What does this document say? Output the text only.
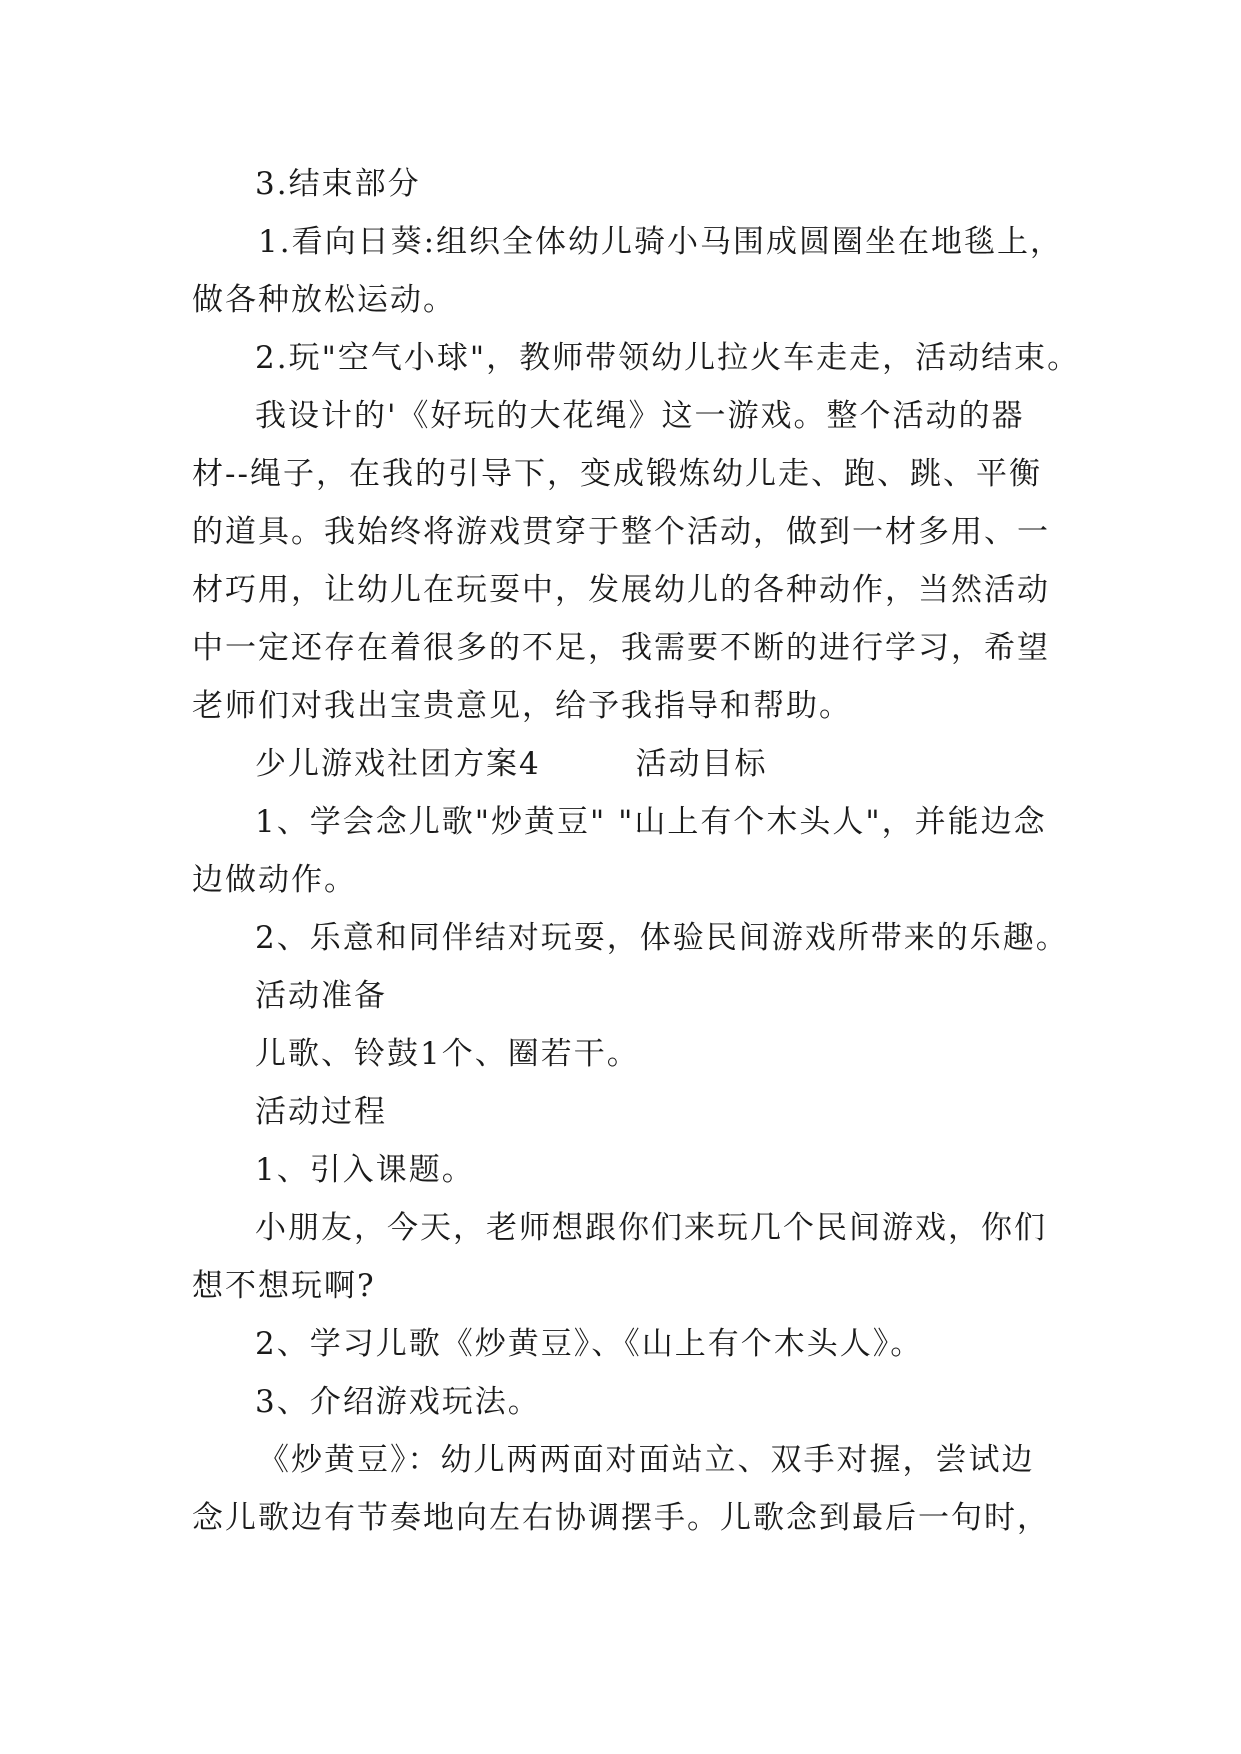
3.结束部分
1.看向日葵:组织全体幼儿骑小马围成圆圈坐在地毯上，
做各种放松运动。
2.玩"空气小球"，教师带领幼儿拉火车走走，活动结束。
我设计的'《好玩的大花绳》这一游戏。整个活动的器
材--绳子，在我的引导下，变成锻炼幼儿走、跑、跳、平衡
的道具。我始终将游戏贯穿于整个活动，做到一材多用、一
材巧用，让幼儿在玩耍中，发展幼儿的各种动作，当然活动
中一定还存在着很多的不足，我需要不断的进行学习，希望
老师们对我出宝贵意见，给予我指导和帮助。
少儿游戏社团方案4        活动目标
1、学会念儿歌"炒黄豆" "山上有个木头人"，并能边念
边做动作。
2、乐意和同伴结对玩耍，体验民间游戏所带来的乐趣。
活动准备
儿歌、铃鼓1个、圈若干。
活动过程
1、引入课题。
小朋友，今天，老师想跟你们来玩几个民间游戏，你们
想不想玩啊?
2、学习儿歌《炒黄豆》、《山上有个木头人》。
3、介绍游戏玩法。
《炒黄豆》：幼儿两两面对面站立、双手对握，尝试边
念儿歌边有节奏地向左右协调摆手。儿歌念到最后一句时，
